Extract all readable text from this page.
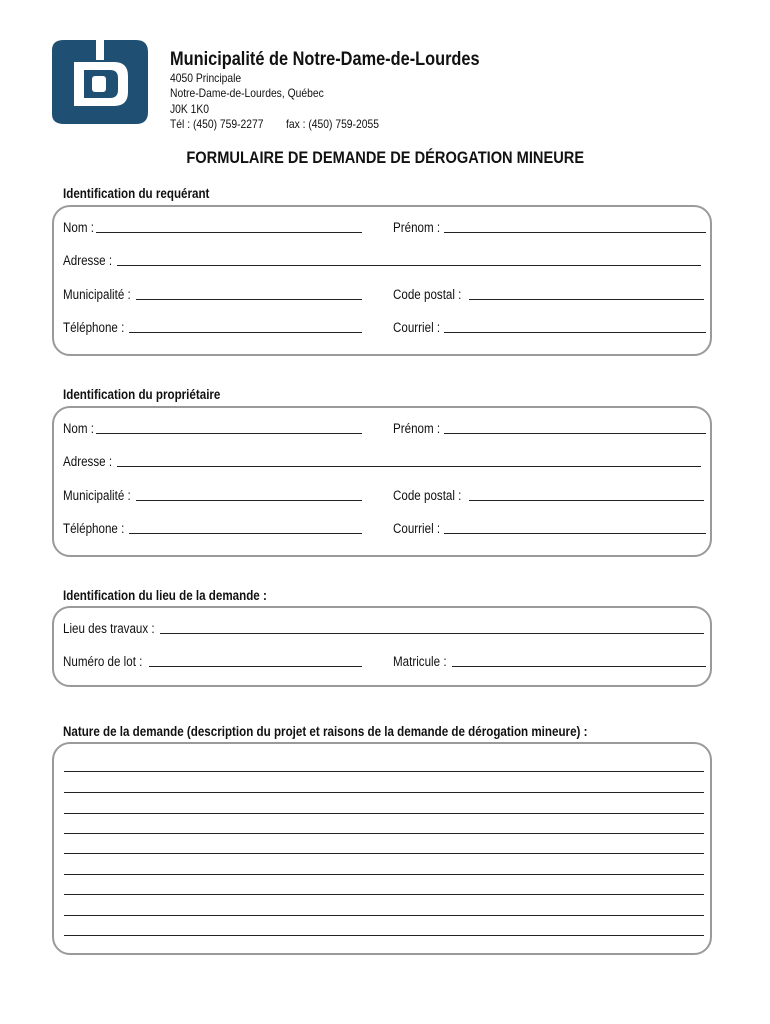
Municipalité de Notre-Dame-de-Lourdes
4050 Principale
Notre-Dame-de-Lourdes, Québec
J0K 1K0
Tél : (450) 759-2277 fax : (450) 759-2055
FORMULAIRE DE DEMANDE DE DÉROGATION MINEURE
Identification du requérant
Nom :	Prénom :
Adresse :
Municipalité :	Code postal :
Téléphone :	Courriel :
Identification du propriétaire
Nom :	Prénom :
Adresse :
Municipalité :	Code postal :
Téléphone :	Courriel :
Identification du lieu de la demande :
Lieu des travaux :
Numéro de lot :	Matricule :
Nature de la demande (description du projet et raisons de la demande de dérogation mineure) :
